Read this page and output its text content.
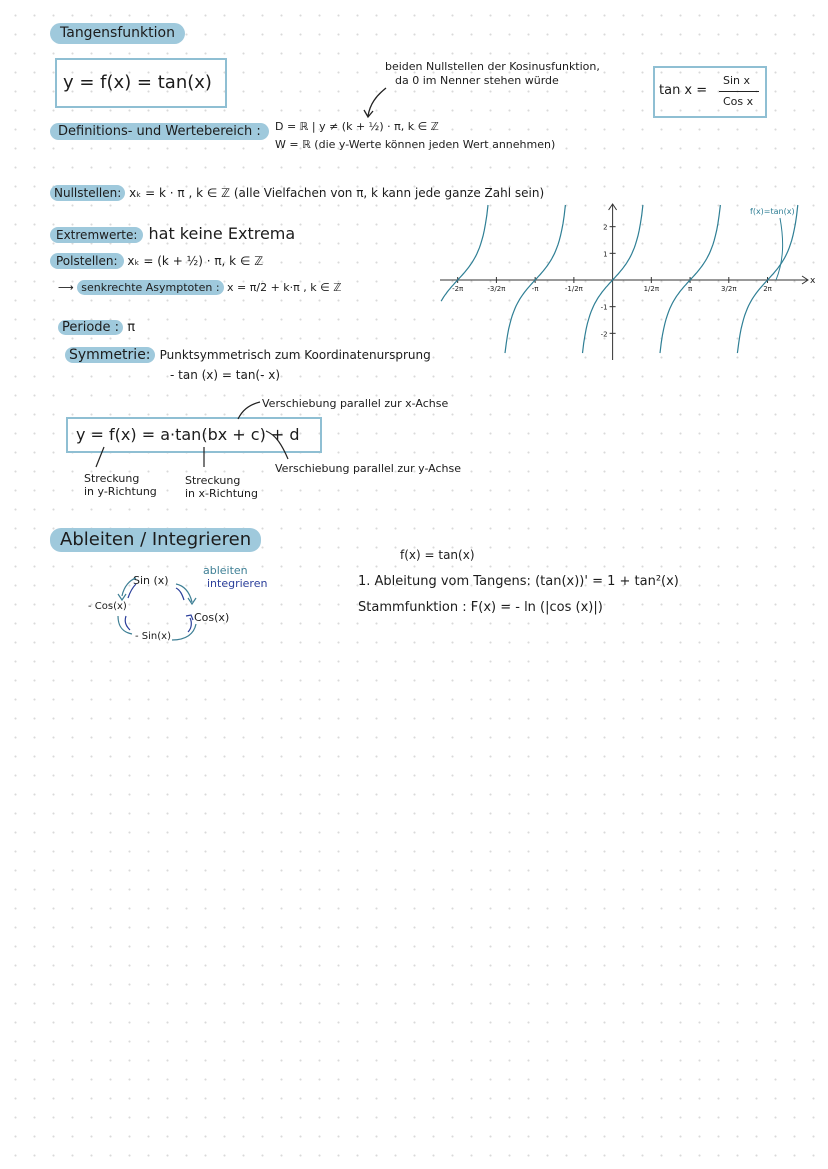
Tangensfunktion
y = f(x) = tan(x)
beiden Nullstellen der Kosinusfunktion,
da 0 im Nenner stehen würde
tan x =
Sin x
Cos x
Definitions- und Wertebereich :	D = ℝ | y ≠ (k + ½) · π, k ∈ ℤ
W = ℝ (die y-Werte können jeden Wert annehmen)
Nullstellen: xₖ = k · π , k ∈ ℤ (alle Vielfachen von π, k kann jede ganze Zahl sein)
Extremwerte: hat keine Extrema
Polstellen: xₖ = (k + ½) · π, k ∈ ℤ
⟶ senkrechte Asymptoten : x = π/2 + k·π , k ∈ ℤ
Periode : π
Symmetrie: Punktsymmetrisch zum Koordinatenursprung
- tan (x) = tan(- x)
Verschiebung parallel zur x-Achse
y = f(x) = a·tan(bx + c) + d
Verschiebung parallel zur y-Achse
Streckung
in y-Richtung
Streckung
in x-Richtung
Ableiten / Integrieren
ableiten
integrieren
Sin (x)
- Cos(x)
Cos(x)
- Sin(x)
f(x) = tan(x)
1. Ableitung vom Tangens: (tan(x))' = 1 + tan²(x)
Stammfunktion : F(x) = - ln (|cos (x)|)
-2π	-3/2π	-π	-1/2π	1/2π	π	3/2π	2π
2
1
-1
-2
x
f(x)=tan(x)
